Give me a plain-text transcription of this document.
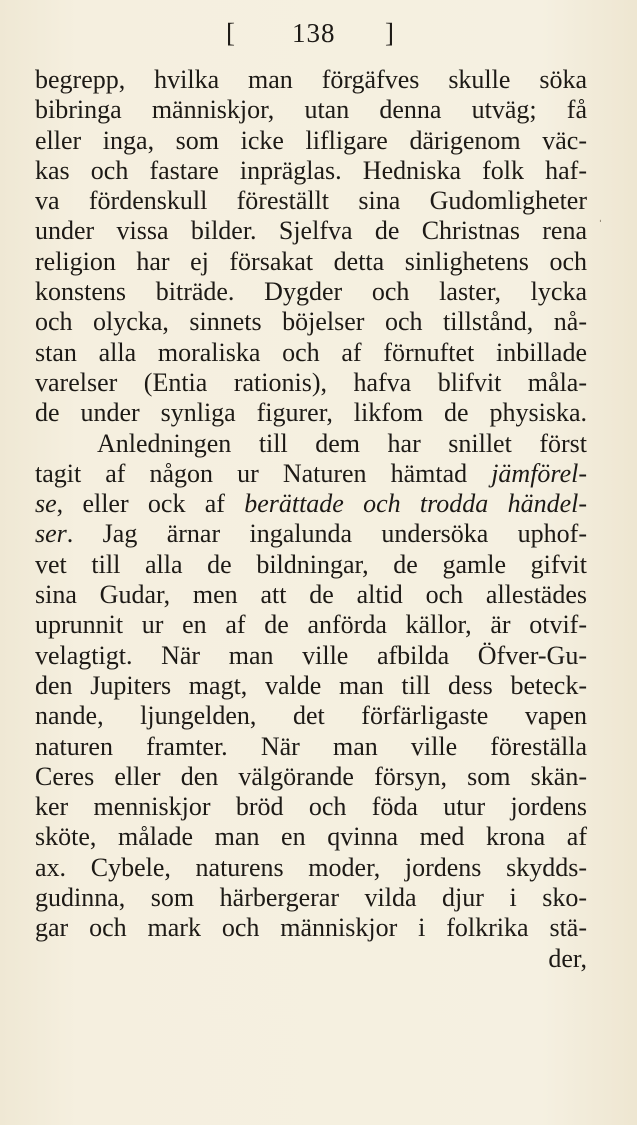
[ 138 ]
ˌ
begrepp, hvilka man förgäfves skulle söka
bibringa människjor, utan denna utväg; få
eller inga, som icke lifligare därigenom väc-
kas och fastare inpräglas. Hedniska folk haf-
va fördenskull föreställt sina Gudomligheter
under vissa bilder. Sjelfva de Christnas rena
religion har ej försakat detta sinlighetens och
konstens biträde. Dygder och laster, lycka
och olycka, sinnets böjelser och tillstånd, nå-
stan alla moraliska och af förnuftet inbillade
varelser (Entia rationis), hafva blifvit måla-
de under synliga figurer, likfom de physiska.
Anledningen till dem har snillet först
tagit af någon ur Naturen hämtad jämförel-
se, eller ock af berättade och trodda händel-
ser. Jag ärnar ingalunda undersöka uphof-
vet till alla de bildningar, de gamle gifvit
sina Gudar, men att de altid och allestädes
uprunnit ur en af de anförda källor, är otvif-
velagtigt. När man ville afbilda Öfver-Gu-
den Jupiters magt, valde man till dess beteck-
nande, ljungelden, det förfärligaste vapen
naturen framter. När man ville föreställa
Ceres eller den välgörande försyn, som skän-
ker menniskjor bröd och föda utur jordens
sköte, målade man en qvinna med krona af
ax. Cybele, naturens moder, jordens skydds-
gudinna, som härbergerar vilda djur i sko-
gar och mark och människjor i folkrika stä-
der,
